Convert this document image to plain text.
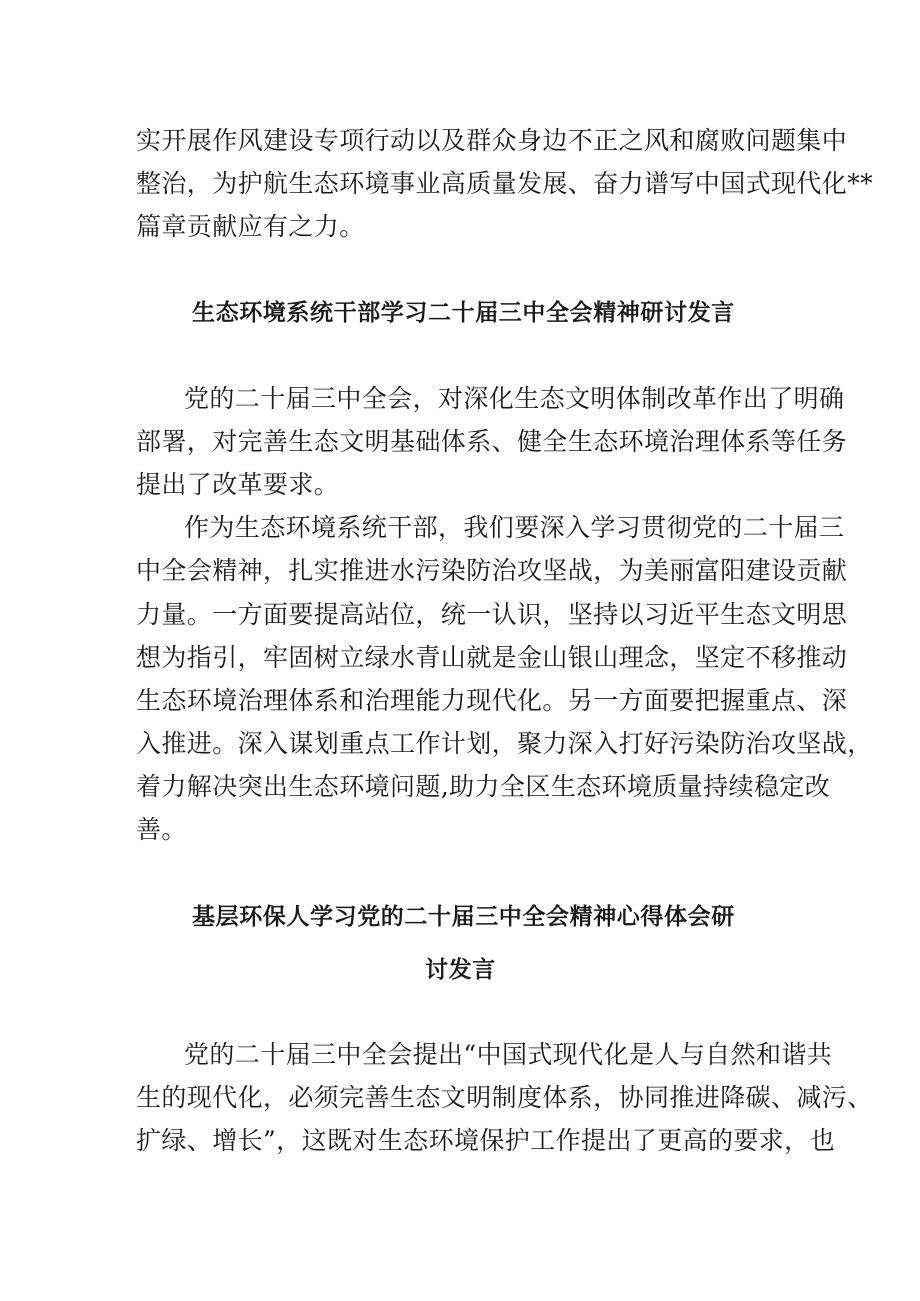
实开展作风建设专项行动以及群众身边不正之风和腐败问题集中
整治，为护航生态环境事业高质量发展、奋力谱写中国式现代化**
篇章贡献应有之力。
生态环境系统干部学习二十届三中全会精神研讨发言
党的二十届三中全会，对深化生态文明体制改革作出了明确
部署，对完善生态文明基础体系、健全生态环境治理体系等任务
提出了改革要求。
作为生态环境系统干部，我们要深入学习贯彻党的二十届三
中全会精神，扎实推进水污染防治攻坚战，为美丽富阳建设贡献
力量。一方面要提高站位，统一认识，坚持以习近平生态文明思
想为指引，牢固树立绿水青山就是金山银山理念，坚定不移推动
生态环境治理体系和治理能力现代化。另一方面要把握重点、深
入推进。深入谋划重点工作计划，聚力深入打好污染防治攻坚战，
着力解决突出生态环境问题,助力全区生态环境质量持续稳定改
善。
基层环保人学习党的二十届三中全会精神心得体会研
讨发言
党的二十届三中全会提出“中国式现代化是人与自然和谐共
生的现代化，必须完善生态文明制度体系，协同推进降碳、减污、
扩绿、增长”，这既对生态环境保护工作提出了更高的要求，也
